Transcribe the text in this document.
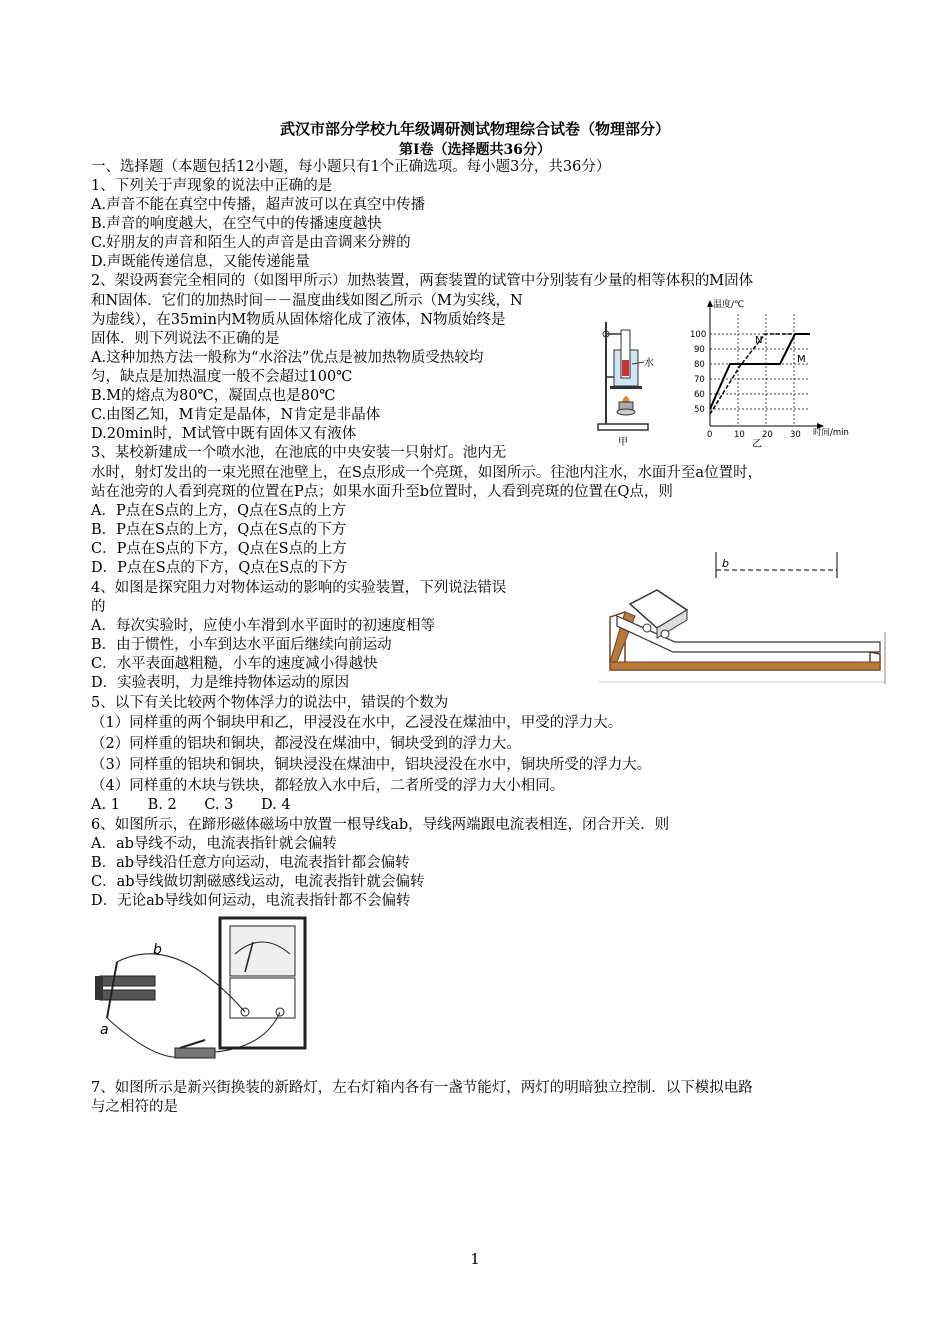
武汉市部分学校九年级调研测试物理综合试卷（物理部分）
第Ⅰ卷（选择题共36分）
一、选择题（本题包括12小题，每小题只有1个正确选项。每小题3分，共36分）
1、下列关于声现象的说法中正确的是
A.声音不能在真空中传播，超声波可以在真空中传播
B.声音的响度越大，在空气中的传播速度越快
C.好朋友的声音和陌生人的声音是由音调来分辨的
D.声既能传递信息，又能传递能量
2、架设两套完全相同的（如图甲所示）加热装置，两套装置的试管中分别装有少量的相等体积的M固体
和N固体．它们的加热时间－－温度曲线如图乙所示（M为实线，N
为虚线），在35min内M物质从固体熔化成了液体，N物质始终是
固体．则下列说法不正确的是
A.这种加热方法一般称为“水浴法”优点是被加热物质受热较均
匀，缺点是加热温度一般不会超过100℃
B.M的熔点为80℃，凝固点也是80℃
C.由图乙知，M肯定是晶体，N肯定是非晶体
D.20min时，M试管中既有固体又有液体
3、某校新建成一个喷水池，在池底的中央安装一只射灯。池内无
水时，射灯发出的一束光照在池壁上，在S点形成一个亮斑，如图所示。往池内注水，水面升至a位置时，
站在池旁的人看到亮斑的位置在P点；如果水面升至b位置时，人看到亮斑的位置在Q点，则
A．P点在S点的上方，Q点在S点的上方
B．P点在S点的上方，Q点在S点的下方
C．P点在S点的下方，Q点在S点的上方
D．P点在S点的下方，Q点在S点的下方
4、如图是探究阻力对物体运动的影响的实验装置，下列说法错误
的
A．每次实验时，应使小车滑到水平面时的初速度相等
B．由于惯性，小车到达水平面后继续向前运动
C．水平表面越粗糙，小车的速度减小得越快
D．实验表明，力是维持物体运动的原因
5、以下有关比较两个物体浮力的说法中，错误的个数为
（1）同样重的两个铜块甲和乙，甲浸没在水中，乙浸没在煤油中，甲受的浮力大。
（2）同样重的铝块和铜块，都浸没在煤油中，铜块受到的浮力大。
（3）同样重的铝块和铜块，铜块浸没在煤油中，铝块浸没在水中，铜块所受的浮力大。
（4）同样重的木块与铁块，都轻放入水中后，二者所受的浮力大小相同。
A. 1      B. 2      C. 3      D. 4
6、如图所示，在蹄形磁体磁场中放置一根导线ab，导线两端跟电流表相连，闭合开关．则
A．ab导线不动，电流表指针就会偏转
B．ab导线沿任意方向运动，电流表指针都会偏转
C．ab导线做切割磁感线运动，电流表指针就会偏转
D．无论ab导线如何运动，电流表指针都不会偏转
7、如图所示是新兴街换装的新路灯，左右灯箱内各有一盏节能灯，两灯的明暗独立控制．以下模拟电路
与之相符的是
水
甲
温度/℃
时间/min
100
90
80
70
60
50
0	10 20 30
N
M
乙
b
b
a
1
